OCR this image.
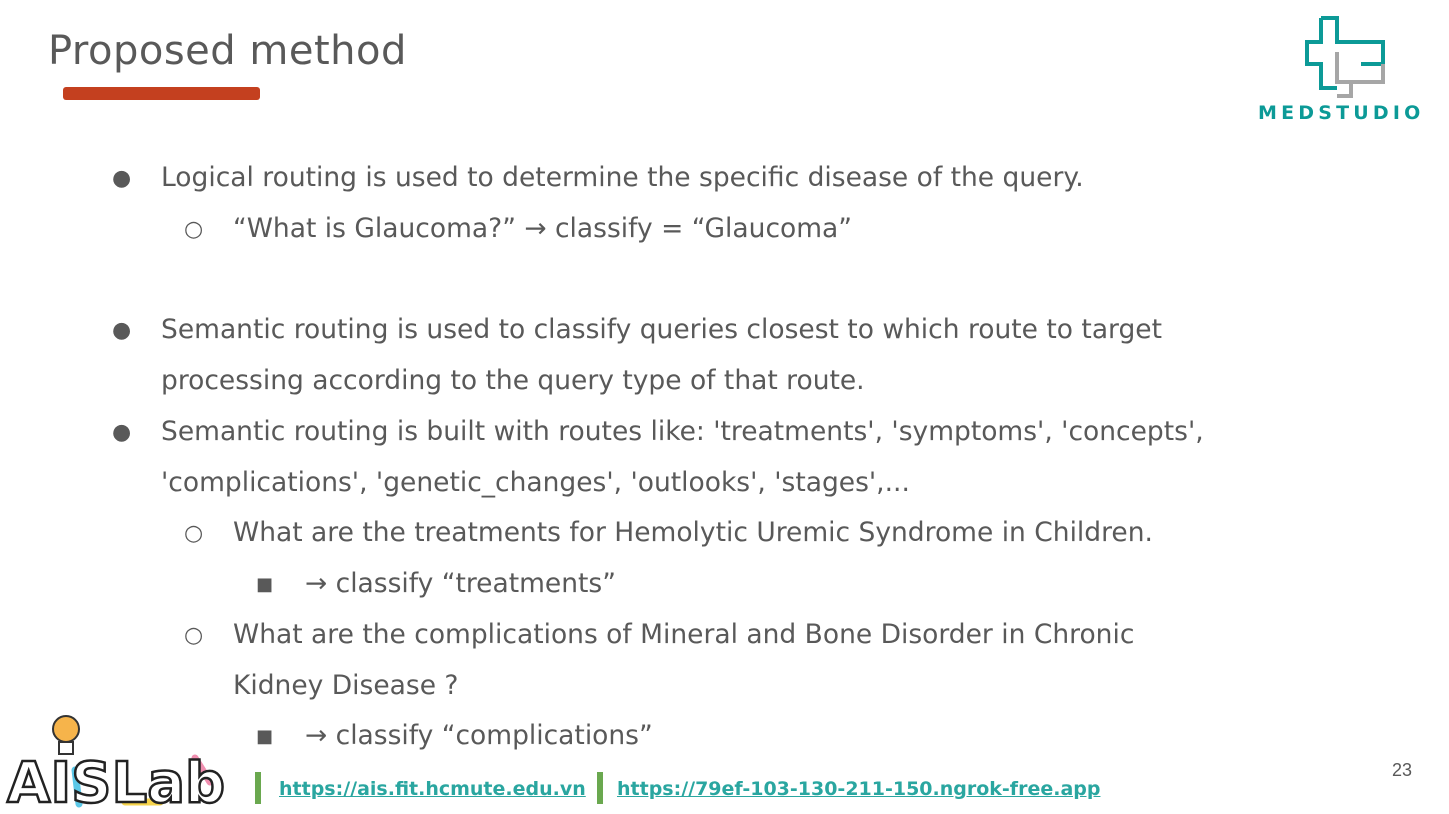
Proposed method
MEDSTUDIO
● Logical routing is used to determine the specific disease of the query.
○ “What is Glaucoma?” → classify = “Glaucoma”
● Semantic routing is used to classify queries closest to which route to target
processing according to the query type of that route.
● Semantic routing is built with routes like: 'treatments', 'symptoms', 'concepts',
'complications', 'genetic_changes', 'outlooks', 'stages',...
○ What are the treatments for Hemolytic Uremic Syndrome in Children.
■ → classify “treatments”
○ What are the complications of Mineral and Bone Disorder in Chronic
Kidney Disease ?
■ → classify “complications”
AISLab	https://ais.fit.hcmute.edu.vn https://79ef-103-130-211-150.ngrok-free.app
23
